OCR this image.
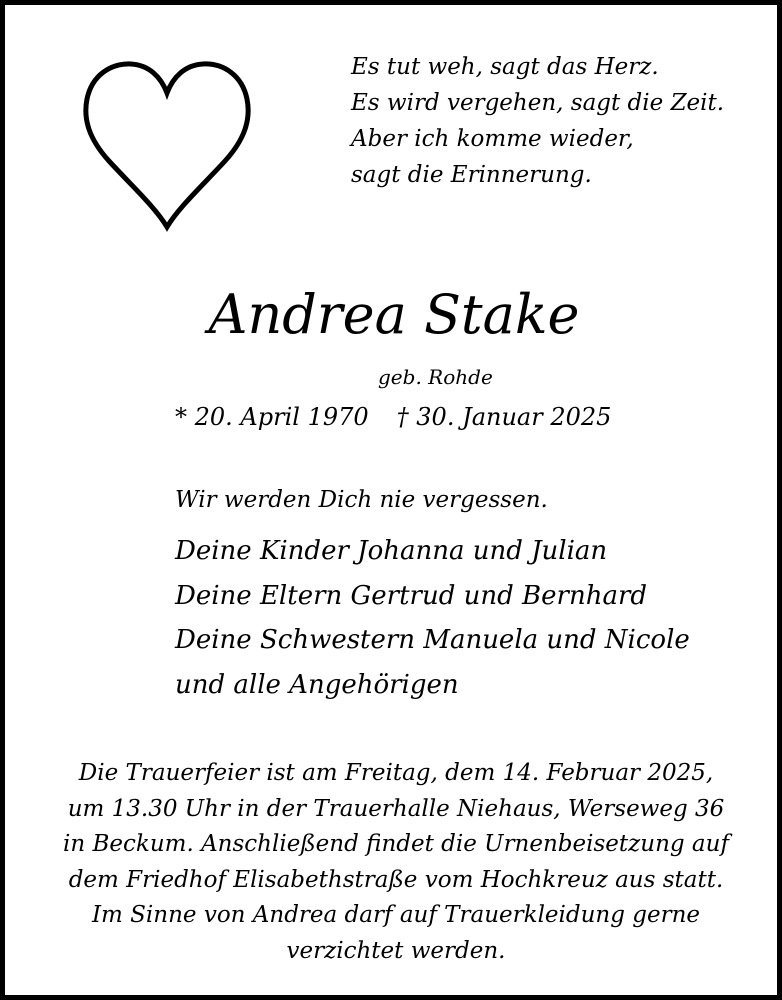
Es tut weh, sagt das Herz.
Es wird vergehen, sagt die Zeit.
Aber ich komme wieder,
sagt die Erinnerung.
Andrea Stake
geb. Rohde
* 20. April 1970 † 30. Januar 2025
Wir werden Dich nie vergessen.
Deine Kinder Johanna und Julian
Deine Eltern Gertrud und Bernhard
Deine Schwestern Manuela und Nicole
und alle Angehörigen
Die Trauerfeier ist am Freitag, dem 14. Februar 2025,
um 13.30 Uhr in der Trauerhalle Niehaus, Werseweg 36
in Beckum. Anschließend findet die Urnenbeisetzung auf
dem Friedhof Elisabethstraße vom Hochkreuz aus statt.
Im Sinne von Andrea darf auf Trauerkleidung gerne
verzichtet werden.
